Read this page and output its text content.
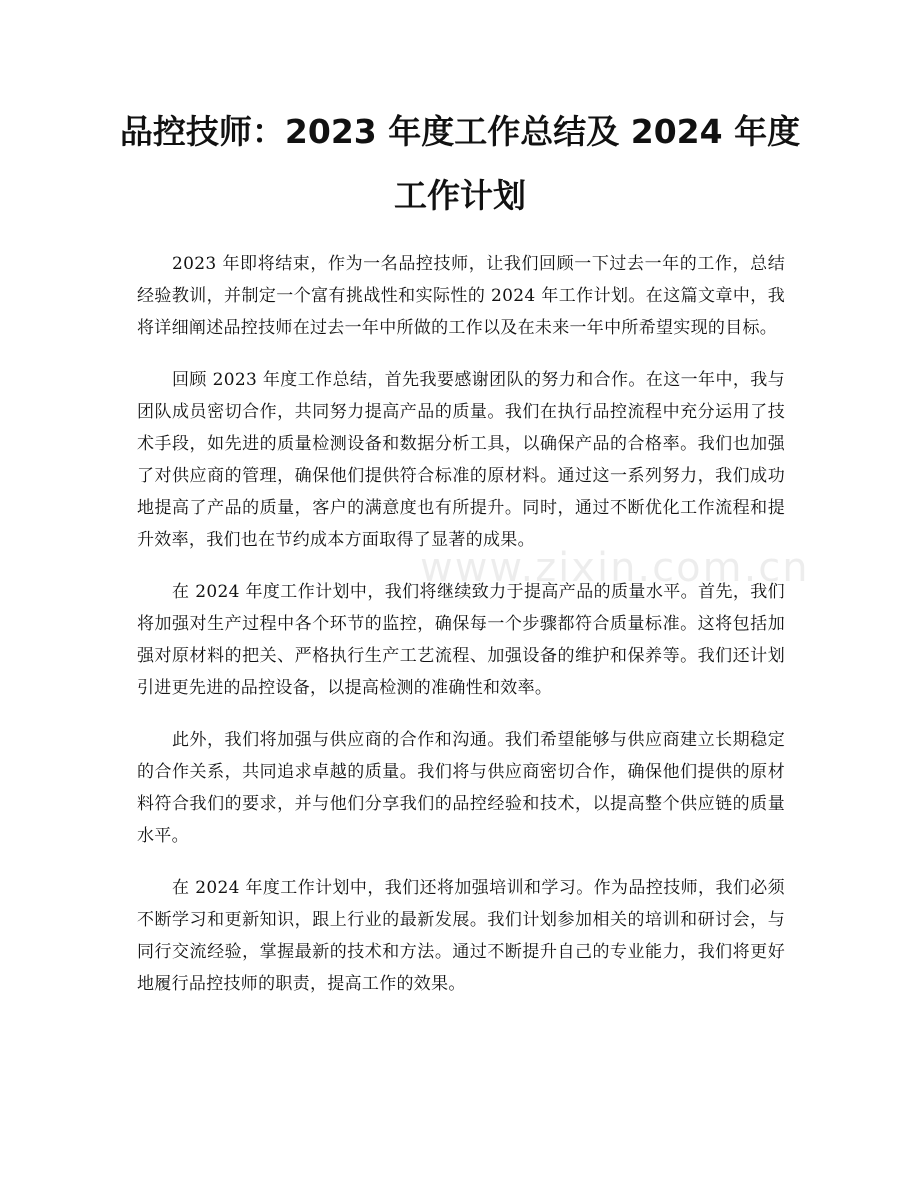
品控技师：2023 年度工作总结及 2024 年度工作计划

2023 年即将结束，作为一名品控技师，让我们回顾一下过去一年的工作，总结经验教训，并制定一个富有挑战性和实际性的 2024 年工作计划。在这篇文章中，我将详细阐述品控技师在过去一年中所做的工作以及在未来一年中所希望实现的目标。

回顾 2023 年度工作总结，首先我要感谢团队的努力和合作。在这一年中，我与团队成员密切合作，共同努力提高产品的质量。我们在执行品控流程中充分运用了技术手段，如先进的质量检测设备和数据分析工具，以确保产品的合格率。我们也加强了对供应商的管理，确保他们提供符合标准的原材料。通过这一系列努力，我们成功地提高了产品的质量，客户的满意度也有所提升。同时，通过不断优化工作流程和提升效率，我们也在节约成本方面取得了显著的成果。

在 2024 年度工作计划中，我们将继续致力于提高产品的质量水平。首先，我们将加强对生产过程中各个环节的监控，确保每一个步骤都符合质量标准。这将包括加强对原材料的把关、严格执行生产工艺流程、加强设备的维护和保养等。我们还计划引进更先进的品控设备，以提高检测的准确性和效率。

此外，我们将加强与供应商的合作和沟通。我们希望能够与供应商建立长期稳定的合作关系，共同追求卓越的质量。我们将与供应商密切合作，确保他们提供的原材料符合我们的要求，并与他们分享我们的品控经验和技术，以提高整个供应链的质量水平。

在 2024 年度工作计划中，我们还将加强培训和学习。作为品控技师，我们必须不断学习和更新知识，跟上行业的最新发展。我们计划参加相关的培训和研讨会，与同行交流经验，掌握最新的技术和方法。通过不断提升自己的专业能力，我们将更好地履行品控技师的职责，提高工作的效果。

www.zixin.com.cn
